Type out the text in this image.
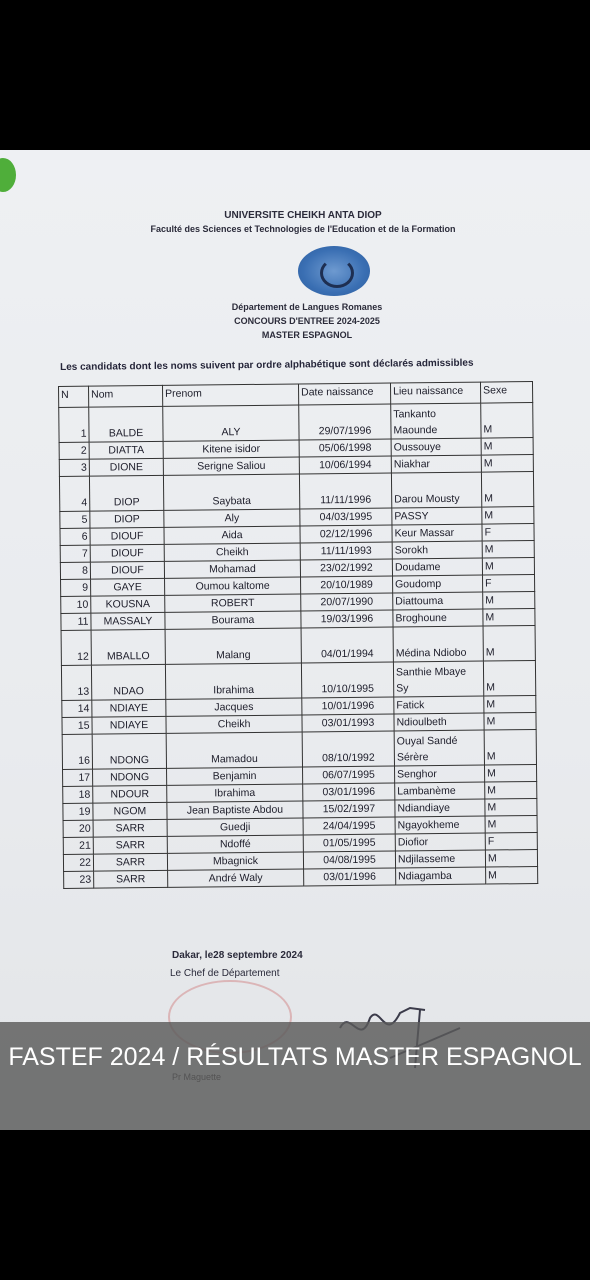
UNIVERSITE CHEIKH ANTA DIOP
Faculté des Sciences et Technologies de l'Education et de la Formation
Département de Langues Romanes
CONCOURS D'ENTREE 2024-2025
MASTER ESPAGNOL
Les candidats dont les noms suivent par ordre alphabétique sont déclarés admissibles
N	Nom	Prenom	Date naissance	Lieu naissance	Sexe
1	BALDE	ALY	29/07/1996	Tankanto Maounde	M
2	DIATTA	Kitene isidor	05/06/1998	Oussouye	M
3	DIONE	Serigne Saliou	10/06/1994	Niakhar	M
4	DIOP	Saybata	11/11/1996	Darou Mousty	M
5	DIOP	Aly	04/03/1995	PASSY	M
6	DIOUF	Aida	02/12/1996	Keur Massar	F
7	DIOUF	Cheikh	11/11/1993	Sorokh	M
8	DIOUF	Mohamad	23/02/1992	Doudame	M
9	GAYE	Oumou kaltome	20/10/1989	Goudomp	F
10	KOUSNA	ROBERT	20/07/1990	Diattouma	M
11	MASSALY	Bourama	19/03/1996	Broghoune	M
12	MBALLO	Malang	04/01/1994	Médina Ndiobo	M
13	NDAO	Ibrahima	10/10/1995	Santhie Mbaye Sy	M
14	NDIAYE	Jacques	10/01/1996	Fatick	M
15	NDIAYE	Cheikh	03/01/1993	Ndioulbeth	M
16	NDONG	Mamadou	08/10/1992	Ouyal Sandé Sérère	M
17	NDONG	Benjamin	06/07/1995	Senghor	M
18	NDOUR	Ibrahima	03/01/1996	Lambanème	M
19	NGOM	Jean Baptiste Abdou	15/02/1997	Ndiandiaye	M
20	SARR	Guedji	24/04/1995	Ngayokheme	M
21	SARR	Ndoffé	01/05/1995	Diofior	F
22	SARR	Mbagnick	04/08/1995	Ndjilasseme	M
23	SARR	André Waly	03/01/1996	Ndiagamba	M
Dakar, le28 septembre 2024
Le Chef de Département
FASTEF 2024 / RÉSULTATS MASTER ESPAGNOL
